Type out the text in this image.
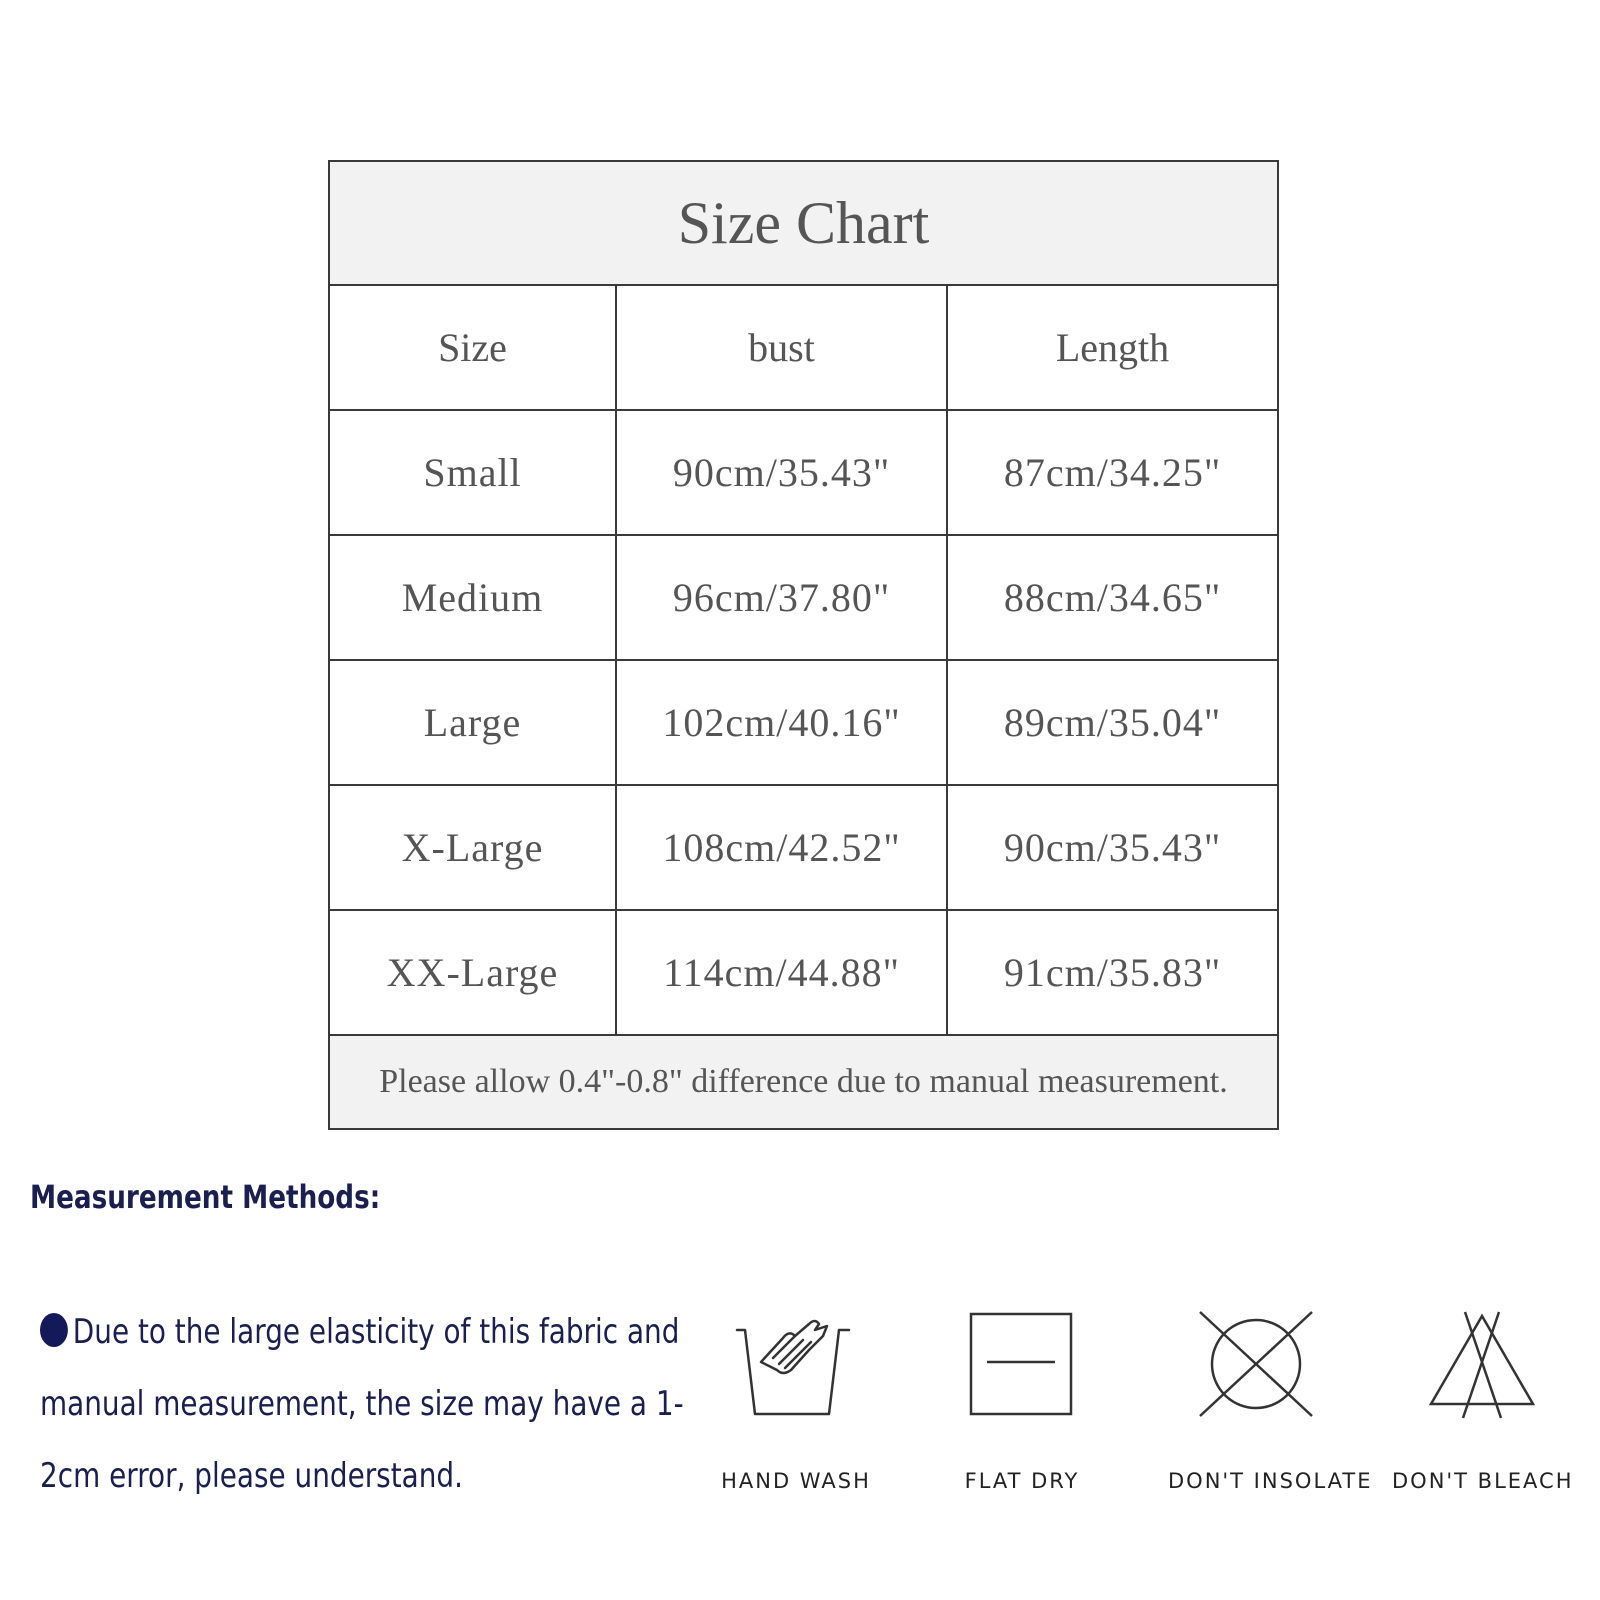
Size Chart		
Size	bust	Length
Small	90cm/35.43"	87cm/34.25"
Medium	96cm/37.80"	88cm/34.65"
Large	102cm/40.16"	89cm/35.04"
X-Large	108cm/42.52"	90cm/35.43"
XX-Large	114cm/44.88"	91cm/35.83"
Please allow 0.4"-0.8" difference due to manual measurement.		
Measurement Methods:
Due to the large elasticity of this fabric and manual measurement, the size may have a 1-2cm error, please understand.	HAND WASH	FLAT DRY	DON'T INSOLATE DON'T BLEACH
